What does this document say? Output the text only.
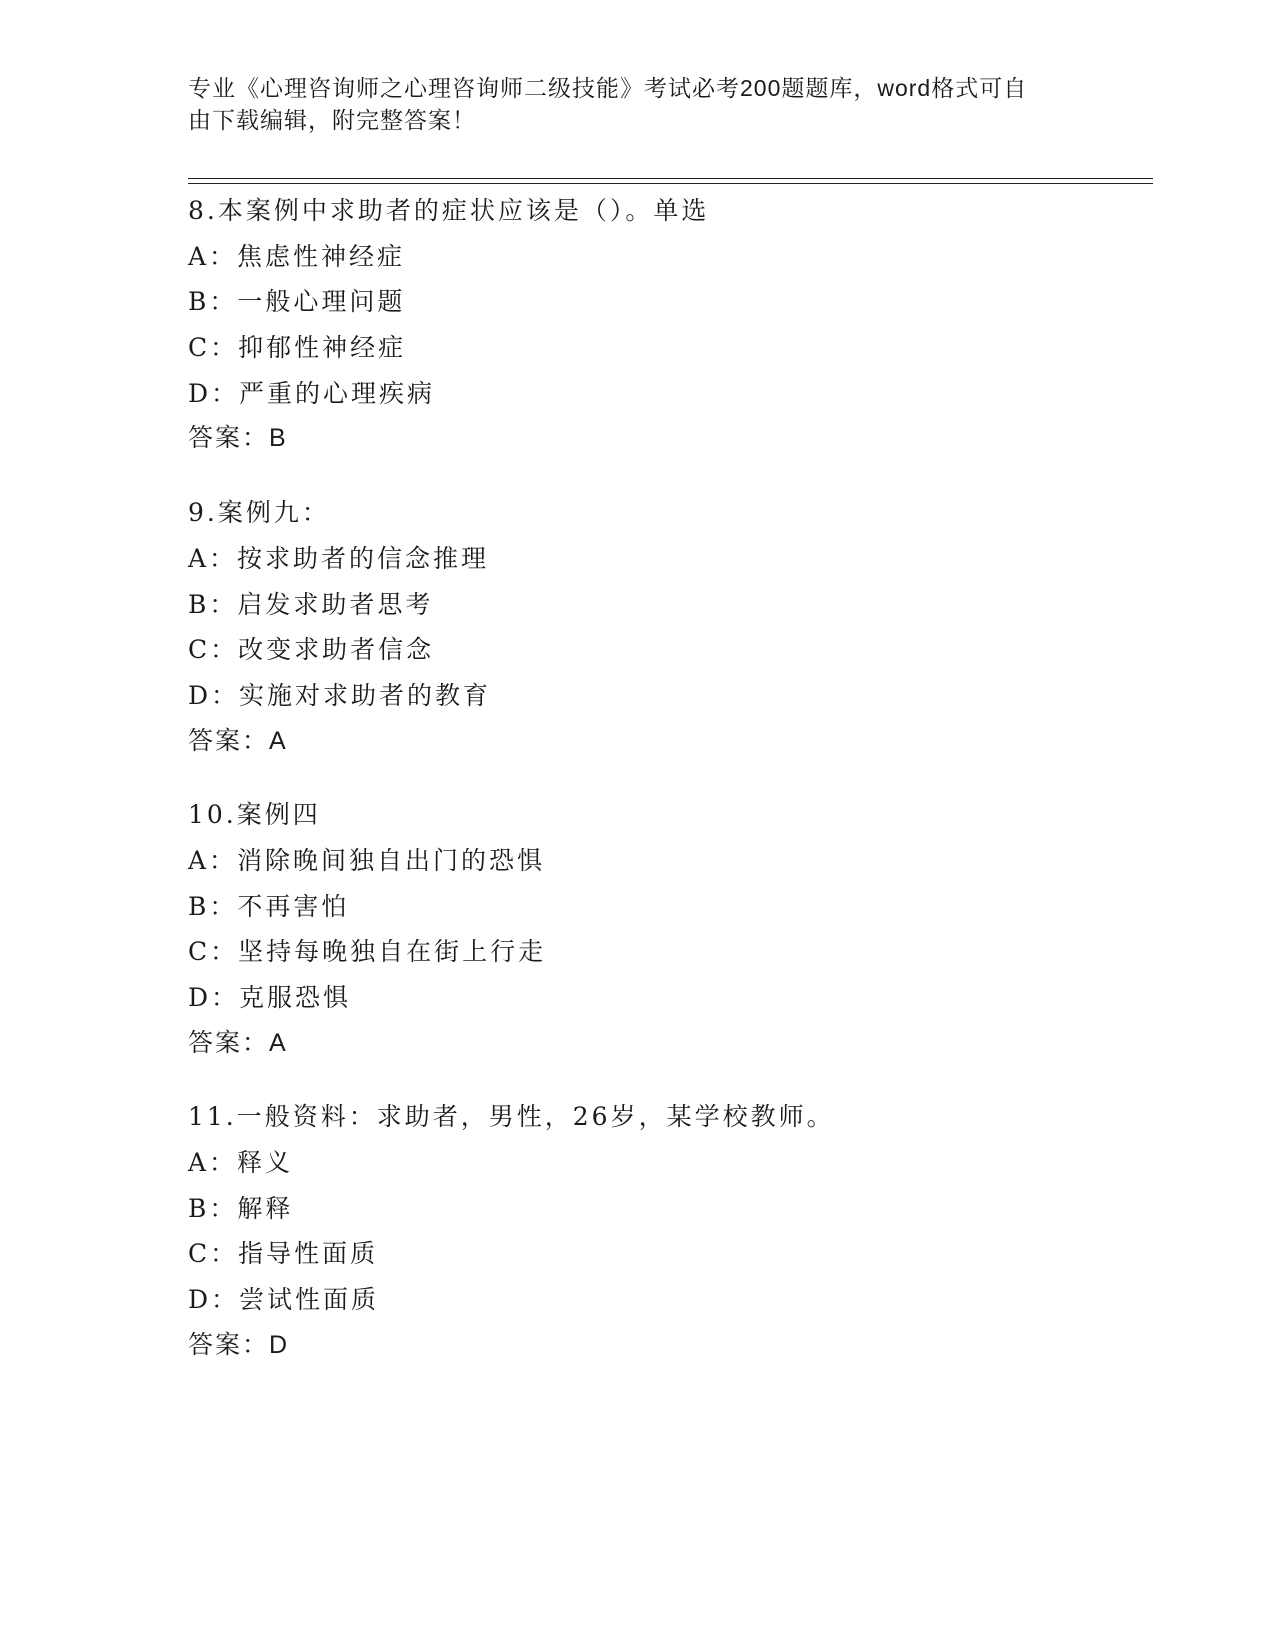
专业《心理咨询师之心理咨询师二级技能》考试必考200题题库，word格式可自

由下载编辑，附完整答案！

8.本案例中求助者的症状应该是（）。单选
A：焦虑性神经症
B：一般心理问题
C：抑郁性神经症
D：严重的心理疾病
答案：B
9.案例九：
A：按求助者的信念推理
B：启发求助者思考
C：改变求助者信念
D：实施对求助者的教育
答案：A
10.案例四
A：消除晚间独自出门的恐惧
B：不再害怕
C：坚持每晚独自在街上行走
D：克服恐惧
答案：A
11.一般资料：求助者，男性，26岁，某学校教师。
A：释义
B：解释
C：指导性面质
D：尝试性面质
答案：D
